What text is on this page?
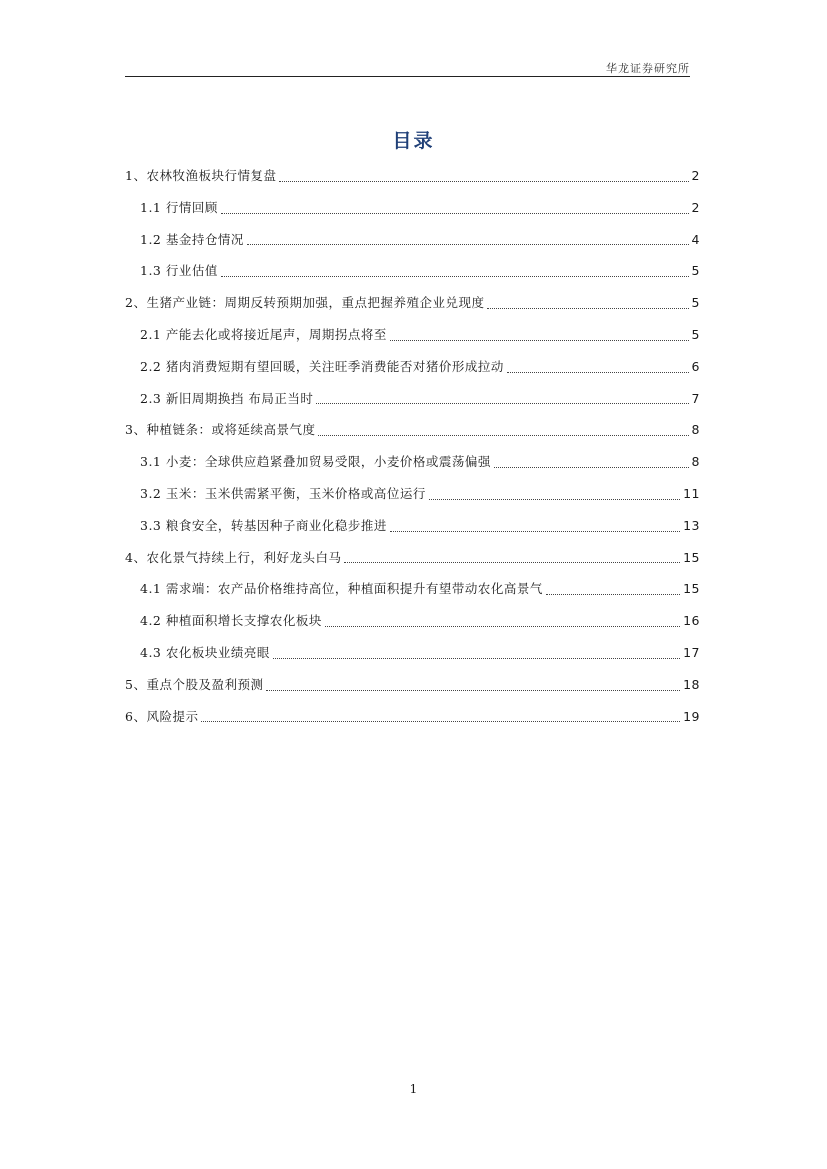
华龙证券研究所
目录
1、农林牧渔板块行情复盘	2
1.1 行情回顾	2
1.2 基金持仓情况	4
1.3 行业估值	5
2、生猪产业链：周期反转预期加强，重点把握养殖企业兑现度	5
2.1 产能去化或将接近尾声，周期拐点将至	5
2.2 猪肉消费短期有望回暖，关注旺季消费能否对猪价形成拉动	6
2.3 新旧周期换挡 布局正当时	7
3、种植链条：或将延续高景气度	8
3.1 小麦：全球供应趋紧叠加贸易受限，小麦价格或震荡偏强	8
3.2 玉米：玉米供需紧平衡，玉米价格或高位运行	11
3.3 粮食安全，转基因种子商业化稳步推进	13
4、农化景气持续上行，利好龙头白马	15
4.1 需求端：农产品价格维持高位，种植面积提升有望带动农化高景气	15
4.2 种植面积增长支撑农化板块	16
4.3 农化板块业绩亮眼	17
5、重点个股及盈利预测	18
6、风险提示	19
1
